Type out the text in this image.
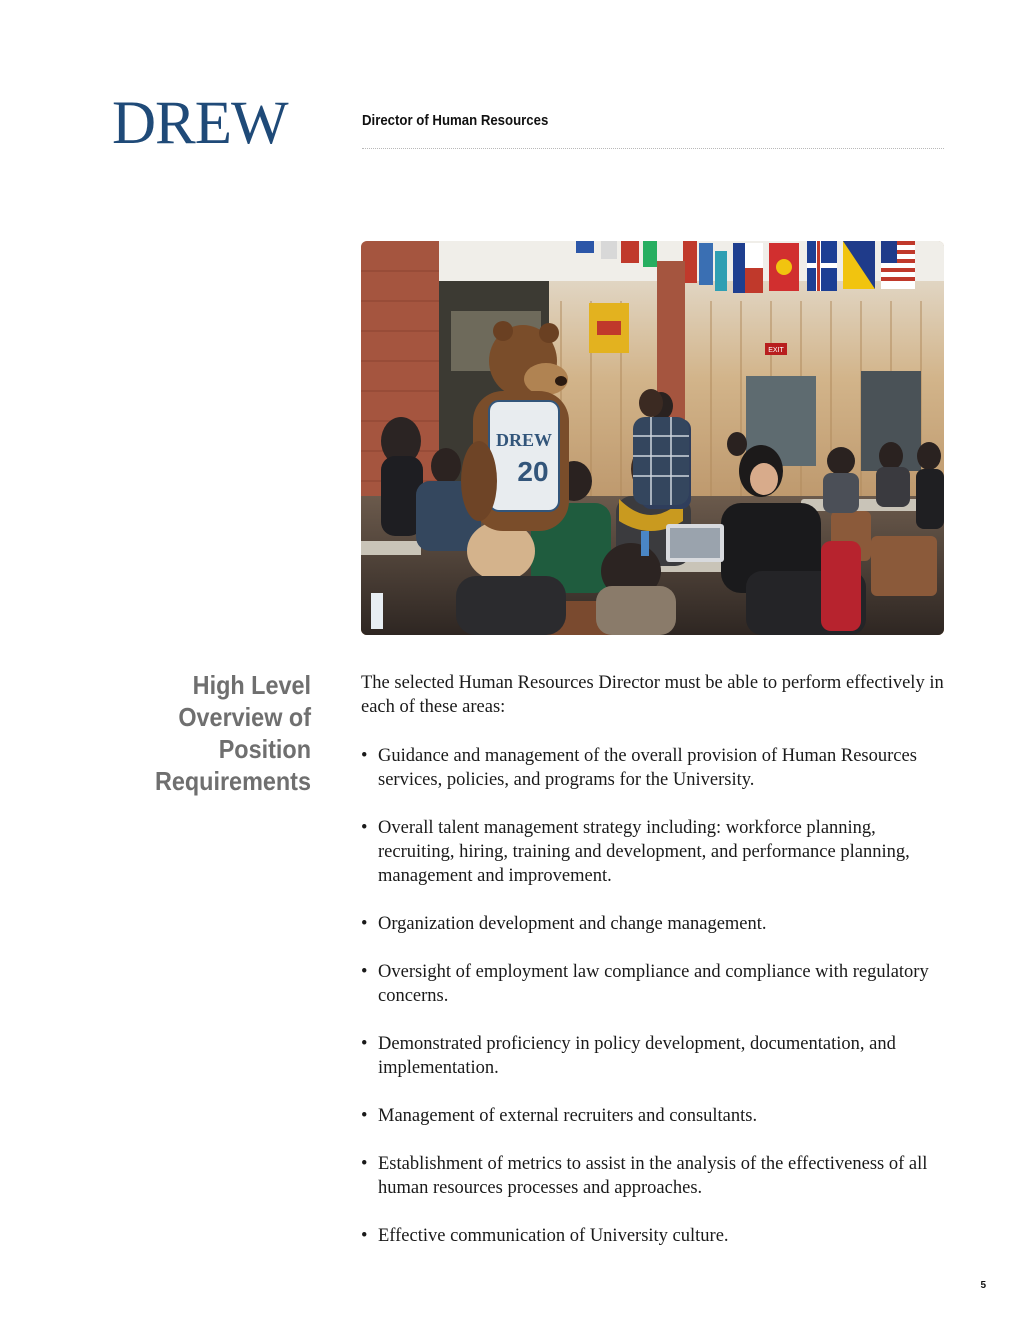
DREW	Director of Human Resources
EXIT
DREW
20
High Level
Overview of
Position
Requirements

The selected Human Resources Director must be able to perform effectively in each of these areas:

• Guidance and management of the overall provision of Human Resources services, policies, and programs for the University.
• Overall talent management strategy including: workforce planning, recruiting, hiring, training and development, and performance planning, management and improvement.
• Organization development and change management.
• Oversight of employment law compliance and compliance with regulatory concerns.
• Demonstrated proficiency in policy development, documentation, and implementation.
• Management of external recruiters and consultants.
• Establishment of metrics to assist in the analysis of the effectiveness of all human resources processes and approaches.
• Effective communication of University culture.
5
